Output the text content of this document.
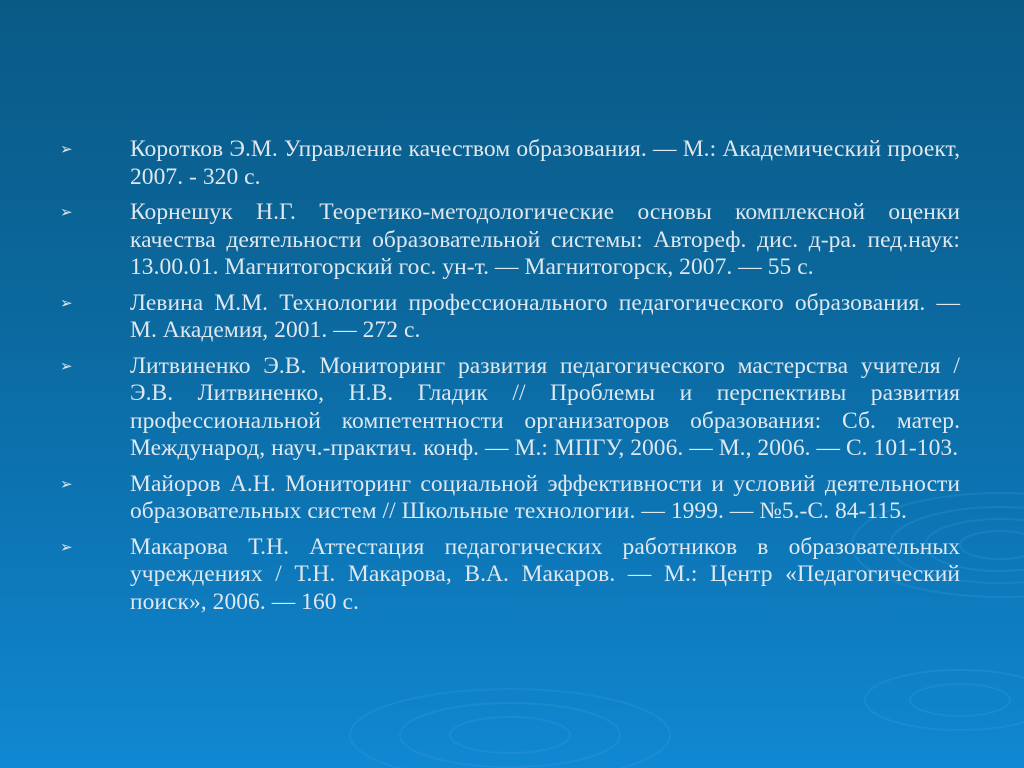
➢ Коротков Э.М. Управление качеством образования. — М.: Академический проект, 2007. - 320 с.
➢ Корнешук Н.Г. Теоретико-методологические основы комплексной оценки качества деятельности образовательной системы: Автореф. дис. д-ра. пед.наук: 13.00.01. Магнитогорский гос. ун-т. — Магнитогорск, 2007. — 55 с.
➢ Левина М.М. Технологии профессионального педагогического образования. — М. Академия, 2001. — 272 с.
➢ Литвиненко Э.В. Мониторинг развития педагогического мастерства учителя / Э.В. Литвиненко, Н.В. Гладик // Проблемы и перспективы развития профессиональной компетентности организаторов образования: Сб. матер. Международ, науч.-практич. конф. — М.: МПГУ, 2006. — М., 2006. — С. 101-103.
➢ Майоров А.Н. Мониторинг социальной эффективности и условий деятельности образовательных систем // Школьные технологии. — 1999. — №5.-С. 84-115.
➢ Макарова Т.Н. Аттестация педагогических работников в образовательных учреждениях / Т.Н. Макарова, В.А. Макаров. — М.: Центр «Педагогический поиск», 2006. — 160 с.
